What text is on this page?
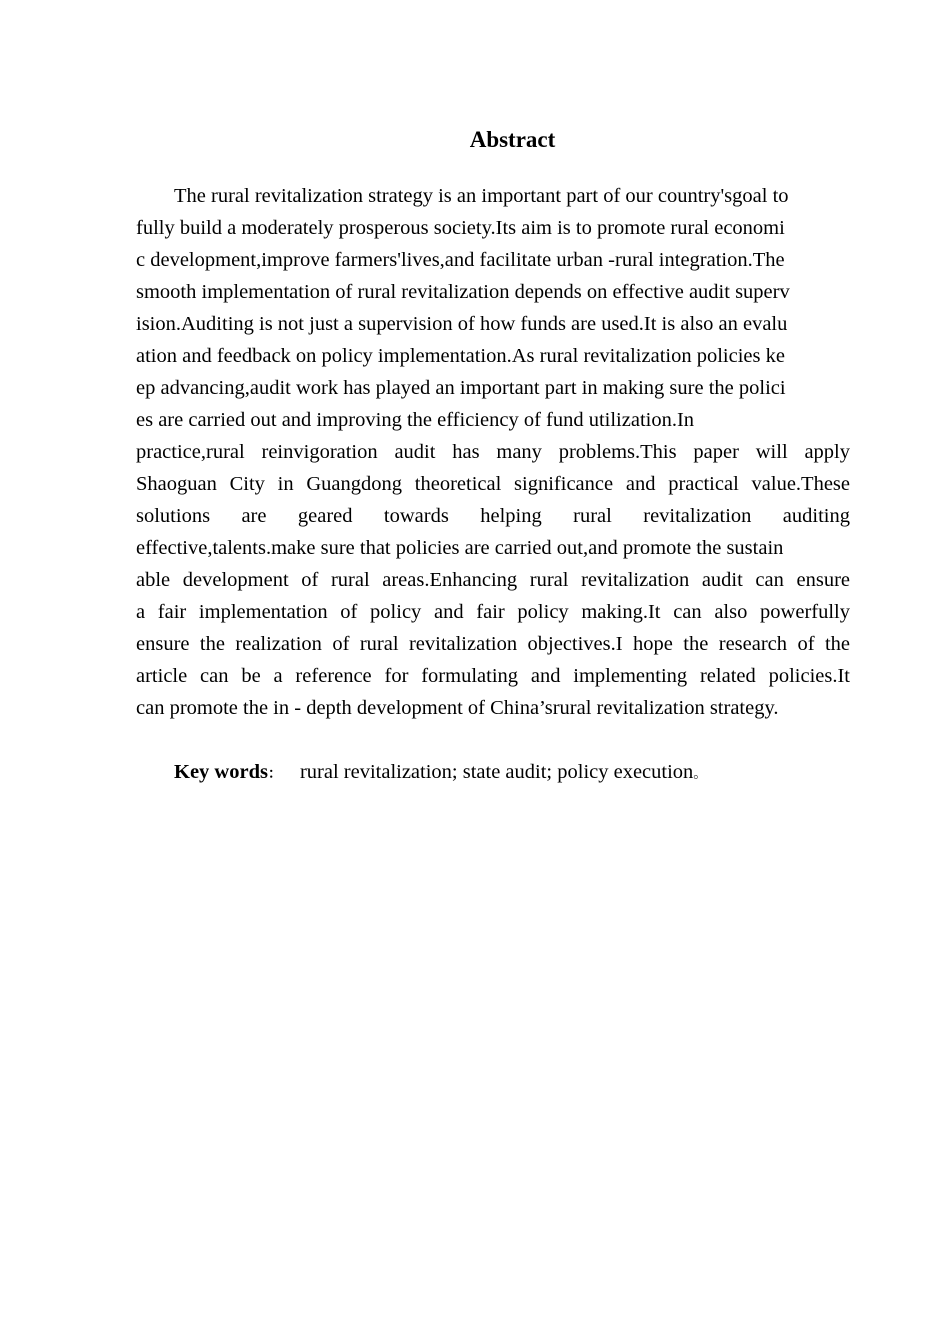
Abstract
The rural revitalization strategy is an important part of our country'sgoal to
fully build a moderately prosperous society.Its aim is to promote rural economi
c development,improve farmers'lives,and facilitate urban -rural integration.The
smooth implementation of rural revitalization depends on effective audit superv
ision.Auditing is not just a supervision of how funds are used.It is also an evalu
ation and feedback on policy implementation.As rural revitalization policies ke
ep advancing,audit work has played an important part in making sure the polici
es are carried out and improving the efficiency of fund utilization.In
practice,rural reinvigoration audit has many problems.This paper will apply
Shaoguan City in Guangdong theoretical significance and practical value.These
solutions are geared towards helping rural revitalization auditing
effective,talents.make sure that policies are carried out,and promote the sustain
able development of rural areas.Enhancing rural revitalization audit can ensure
a fair implementation of policy and fair policy making.It can also powerfully
ensure the realization of rural revitalization objectives.I hope the research of the
article can be a reference for formulating and implementing related policies.It
can promote the in - depth development of China’srural revitalization strategy.
Key words： rural revitalization; state audit; policy execution。
